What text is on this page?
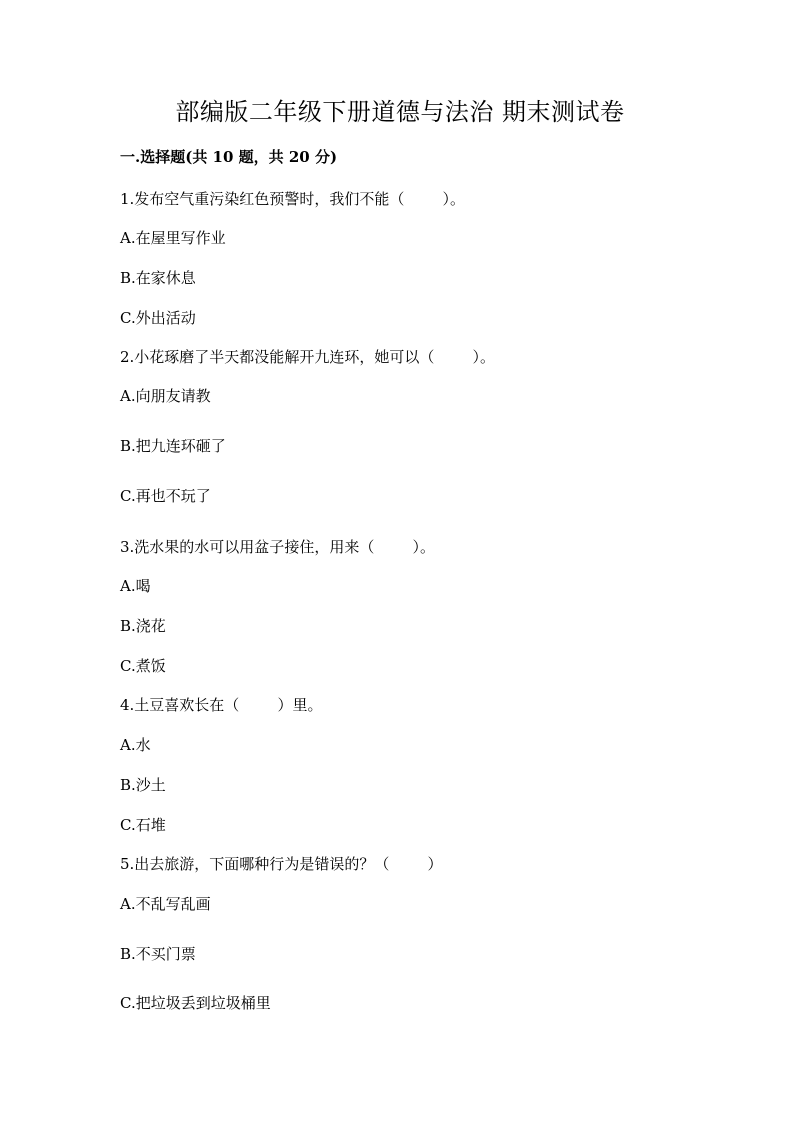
部编版二年级下册道德与法治 期末测试卷
一.选择题(共 10 题，共 20 分)
1.发布空气重污染红色预警时，我们不能（        ）。
A.在屋里写作业
B.在家休息
C.外出活动
2.小花琢磨了半天都没能解开九连环，她可以（        ）。
A.向朋友请教
B.把九连环砸了
C.再也不玩了
3.洗水果的水可以用盆子接住，用来（        ）。
A.喝
B.浇花
C.煮饭
4.土豆喜欢长在（        ）里。
A.水
B.沙土
C.石堆
5.出去旅游，下面哪种行为是错误的？（        ）
A.不乱写乱画
B.不买门票
C.把垃圾丢到垃圾桶里
